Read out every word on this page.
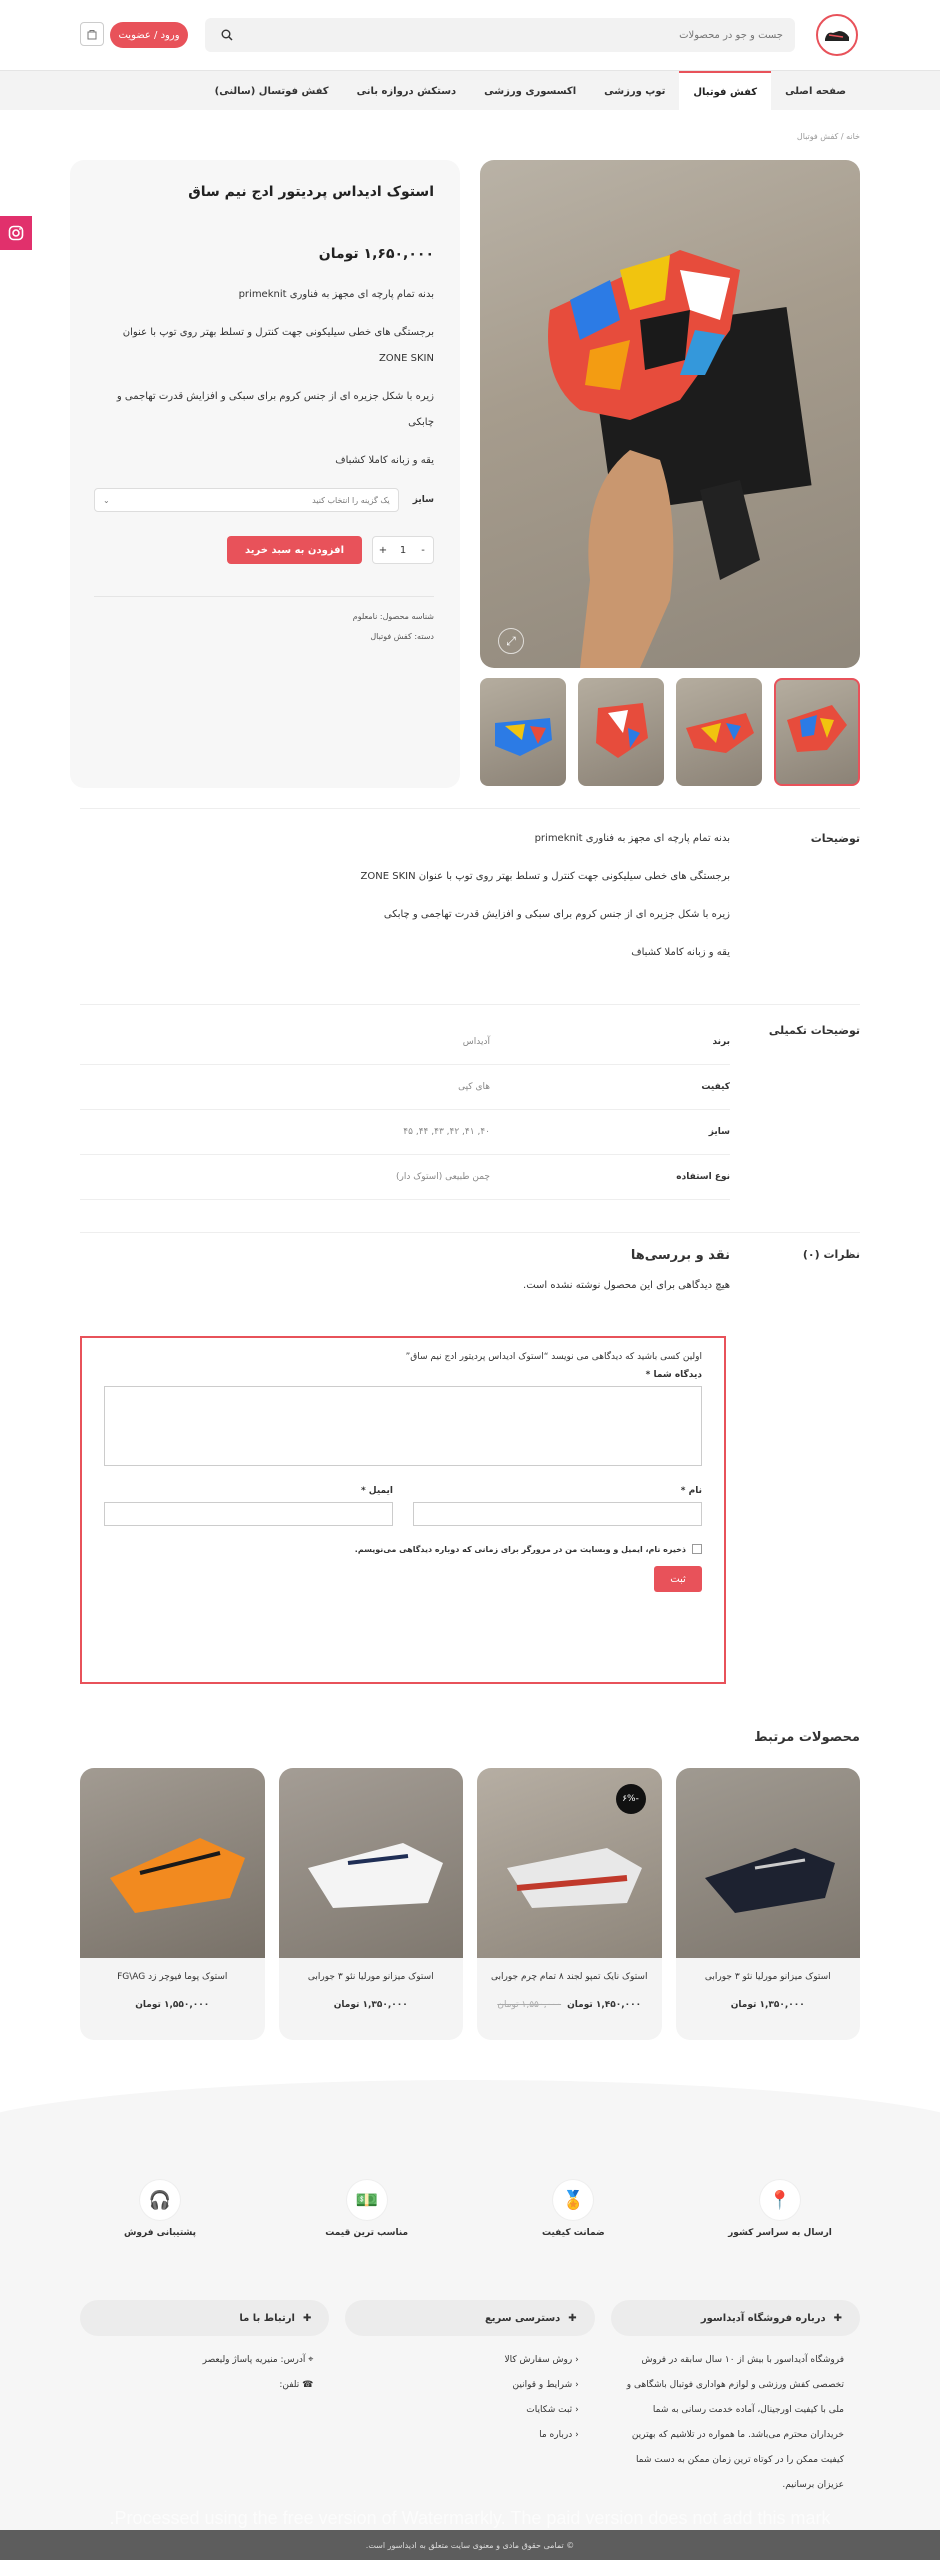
جست و جو در محصولات
ورود / عضویت
صفحه اصلی
کفش فوتبال
توپ ورزشی
اکسسوری ورزشی
دستکش دروازه بانی
کفش فوتسال (سالنی)
خانه / کفش فوتبال
⤢
استوک ادیداس پردیتور ادج نیم ساق
۱,۶۵۰,۰۰۰ تومان

بدنه تمام پارچه ای مجهز به فناوری primeknit

برجستگی های خطی سیلیکونی جهت کنترل و تسلط بهتر روی توپ با عنوان ZONE SKIN

زیره با شکل جزیره ای از جنس کروم برای سبکی و افزایش قدرت تهاجمی و چابکی

یقه و زبانه کاملا کشباف

سایز
یک گزینه را انتخاب کنید
⌄
-
1
+
افزودن به سبد خرید
شناسه محصول: نامعلوم
دسته: کفش فوتبال
توضیحات

بدنه تمام پارچه ای مجهز به فناوری primeknit

برجستگی های خطی سیلیکونی جهت کنترل و تسلط بهتر روی توپ با عنوان ZONE SKIN

زیره با شکل جزیره ای از جنس کروم برای سبکی و افزایش قدرت تهاجمی و چابکی

یقه و زبانه کاملا کشباف

توضیحات تکمیلی
برند
آدیداس
کیفیت
های کپی
سایز
۴۰, ۴۱, ۴۲, ۴۳, ۴۴, ۴۵
نوع استفاده
چمن طبیعی (استوک دار)
نظرات (۰)
نقد و بررسی‌ها
هیچ دیدگاهی برای این محصول نوشته نشده است.
اولین کسی باشید که دیدگاهی می نویسد “استوک ادیداس پردیتور ادج نیم ساق”
دیدگاه شما *
نام *
ایمیل *
ذخیره نام، ایمیل و وبسایت من در مرورگر برای زمانی که دوباره دیدگاهی می‌نویسم.
ثبت
محصولات مرتبط
استوک میزانو مورلیا نئو ۳ جورابی
۱,۳۵۰,۰۰۰ تومان
-۶%
استوک نایک تمپو لجند ۸ تمام چرم جورابی
۱,۴۵۰,۰۰۰ تومان۱,۵۵۰,۰۰۰ تومان
استوک میزانو مورلیا نئو ۳ جورابی
۱,۳۵۰,۰۰۰ تومان
استوک پوما فیوچر زد FG\AG
۱,۵۵۰,۰۰۰ تومان
📍
ارسال به سراسر کشور
🏅
ضمانت کیفیت
💵
مناسب ترین قیمت
🎧
پشتیبانی فروش
✚
درباره فروشگاه آدیداسور
فروشگاه آدیداسور با بیش از ۱۰ سال سابقه در فروش تخصصی کفش ورزشی و لوازم هواداری فوتبال باشگاهی و ملی با کیفیت اورجینال، آماده خدمت رسانی به شما خریداران محترم می‌باشد. ما همواره در تلاشیم که بهترین کیفیت ممکن را در کوتاه ترین زمان ممکن به دست شما عزیزان برسانیم.
✚
دسترسی سریع
‹ روش سفارش کالا
‹ شرایط و قوانین
‹ ثبت شکایات
‹ درباره ما
✚
ارتباط با ما
⌖ آدرس: منیریه پاساژ ولیعصر
☎ تلفن:
© تمامی حقوق مادی و معنوی سایت متعلق به ادیداسور است.
Processed using the free version of Watermarkly. The paid version does not add this mark.
